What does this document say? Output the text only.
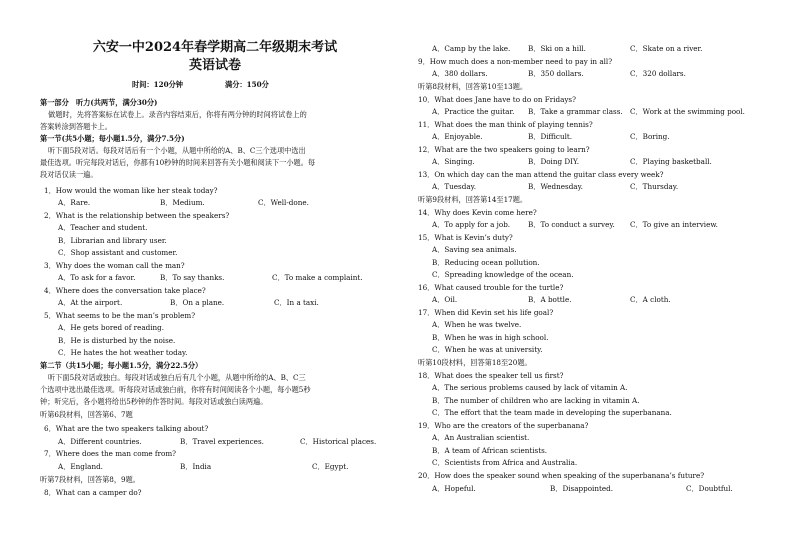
六安一中2024年春学期高二年级期末考试
英语试卷
时间：120分钟	满分：150分
第一部分　听力(共两节，满分30分)
做题时，先将答案标在试卷上。录音内容结束后，你将有两分钟的时间将试卷上的
答案转涂到答题卡上。
第一节(共5小题；每小题1.5分，满分7.5分)
听下面5段对话。每段对话后有一个小题，从题中所给的A、B、C三个选项中选出
最佳选项。听完每段对话后，你都有10秒钟的时间来回答有关小题和阅读下一小题。每
段对话仅读一遍。
1．How would the woman like her steak today?
A．Rare.	B．Medium.	C．Well-done.
2．What is the relationship between the speakers?
A．Teacher and student.
B．Librarian and library user.
C．Shop assistant and customer.
3．Why does the woman call the man?
A．To ask for a favor.	B．To say thanks.	C．To make a complaint.
4．Where does the conversation take place?
A．At the airport.	B．On a plane.	C．In a taxi.
5．What seems to be the man’s problem?
A．He gets bored of reading.
B．He is disturbed by the noise.
C．He hates the hot weather today.
第二节（共15小题；每小题1.5分，满分22.5分）
听下面5段对话或独白。每段对话或独白后有几个小题，从题中所给的A、B、C三
个选项中选出最佳选项。听每段对话或独白前，你将有时间阅读各个小题，每小题5秒
钟；听完后，各小题将给出5秒钟的作答时间。每段对话或独白读两遍。
听第6段材料，回答第6、7题
6．What are the two speakers talking about?
A．Different countries.	B．Travel experiences.	C．Historical places.
7．Where does the man come from?
A．England.	B．India	C．Egypt.
听第7段材料，回答第8，9题。
8．What can a camper do?
A．Camp by the lake. B．Ski on a hill.	C．Skate on a river.
9．How much does a non-member need to pay in all?
A．380 dollars.	B．350 dollars.	C．320 dollars.
听第8段材料，回答第10至13题。
10．What does Jane have to do on Fridays?
A．Practice the guitar. B．Take a grammar class. C．Work at the swimming pool.
11．What does the man think of playing tennis?
A．Enjoyable.	B．Difficult.	C．Boring.
12．What are the two speakers going to learn?
A．Singing.	B．Doing DIY.	C．Playing basketball.
13．On which day can the man attend the guitar class every week?
A．Tuesday.	B．Wednesday.	C．Thursday.
听第9段材料，回答第14至17题。
14．Why does Kevin come here?
A．To apply for a job. B．To conduct a survey. C．To give an interview.
15．What is Kevin’s duty?
A．Saving sea animals.
B．Reducing ocean pollution.
C．Spreading knowledge of the ocean.
16．What caused trouble for the turtle?
A．Oil.	B．A bottle.	C．A cloth.
17．When did Kevin set his life goal?
A．When he was twelve.
B．When he was in high school.
C．When he was at university.
听第10段材料，回答第18至20题。
18．What does the speaker tell us first?
A．The serious problems caused by lack of vitamin A.
B．The number of children who are lacking in vitamin A.
C．The effort that the team made in developing the superbanana.
19．Who are the creators of the superbanana?
A．An Australian scientist.
B．A team of African scientists.
C．Scientists from Africa and Australia.
20．How does the speaker sound when speaking of the superbanana’s future?
A．Hopeful.	B．Disappointed.	C．Doubtful.
